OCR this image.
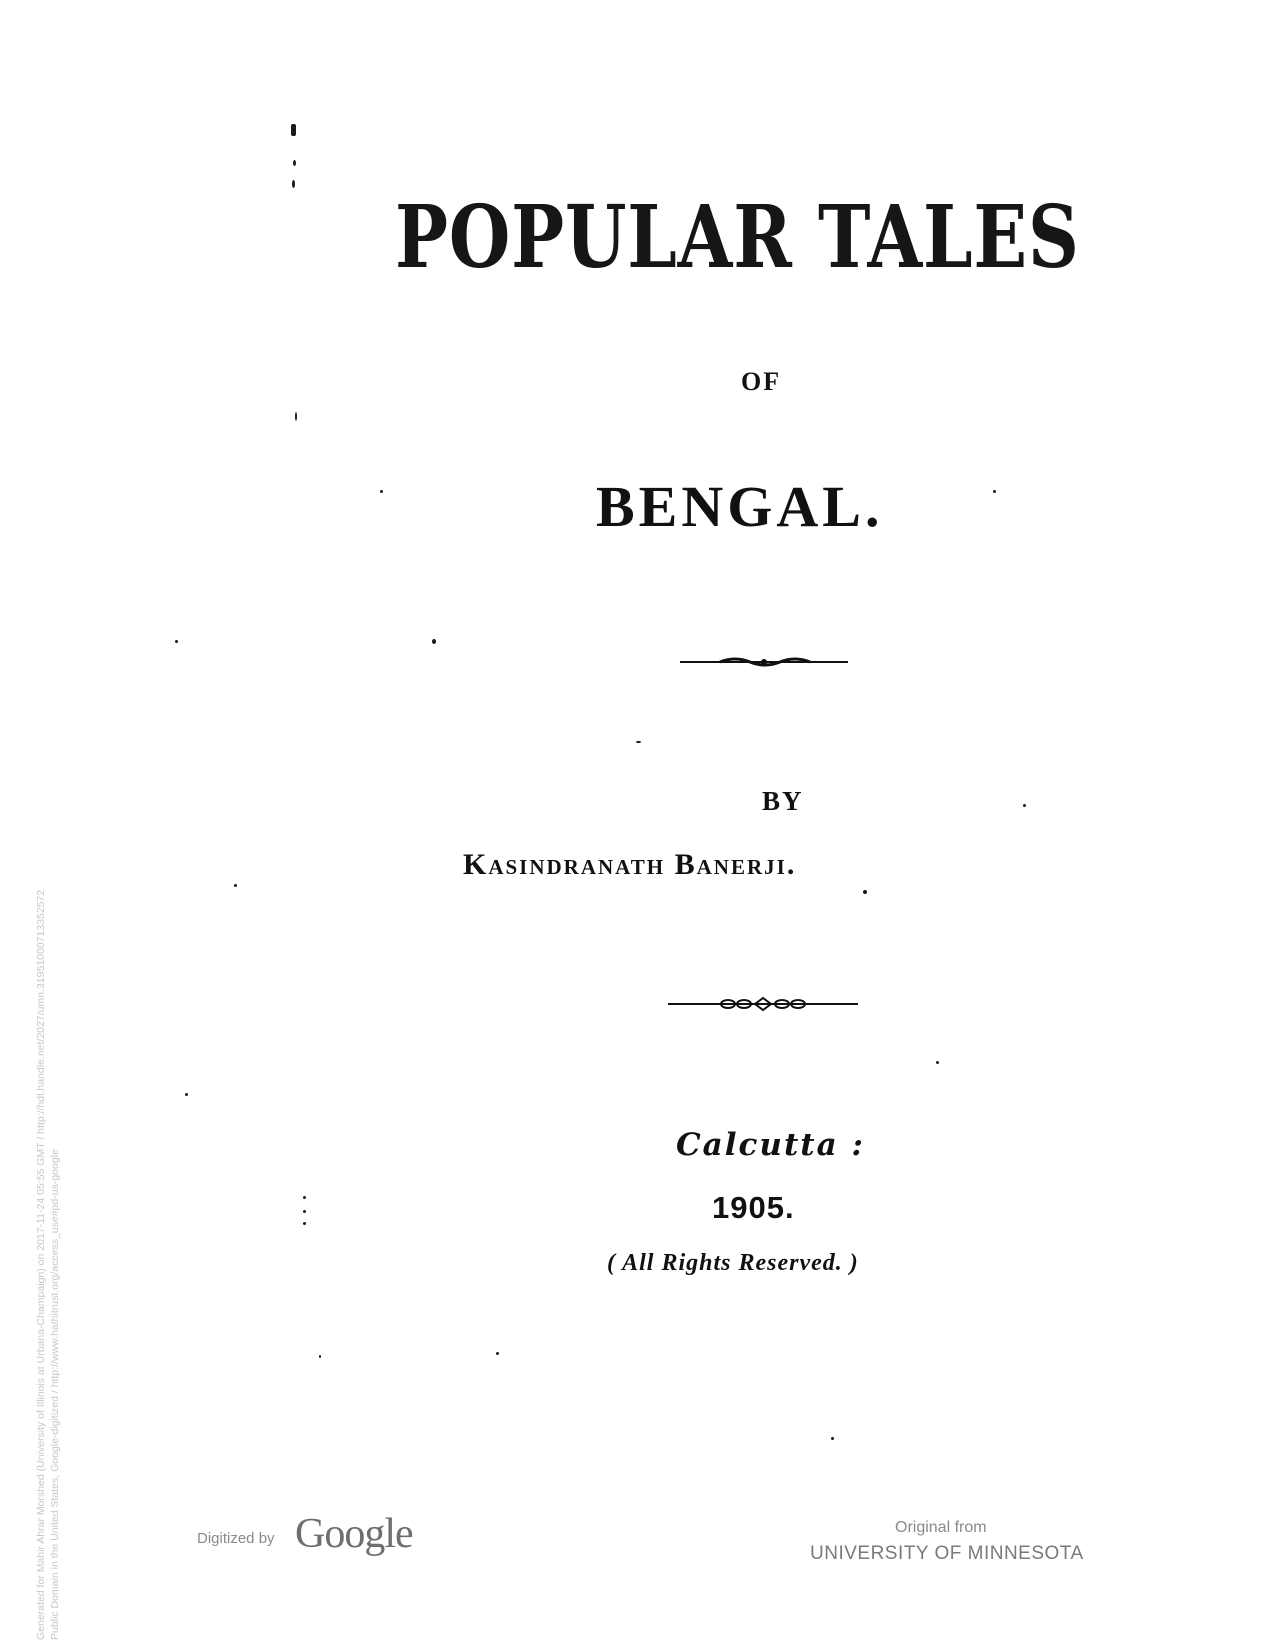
POPULAR TALES
OF
BENGAL.
BY
Kasindranath Banerji.
Calcutta :
1905.
( All Rights Reserved. )
Digitized by Google	Original from
UNIVERSITY OF MINNESOTA
Generated for Mahir Ahrar Morshed (University of Illinois at Urbana-Champaign) on 2017-11-24 05:55 GMT / http://hdl.handle.net/2027/umn.31951000713352572 Public Domain in the United States, Google-digitized / http://www.hathitrust.org/access_use#pd-us-google
